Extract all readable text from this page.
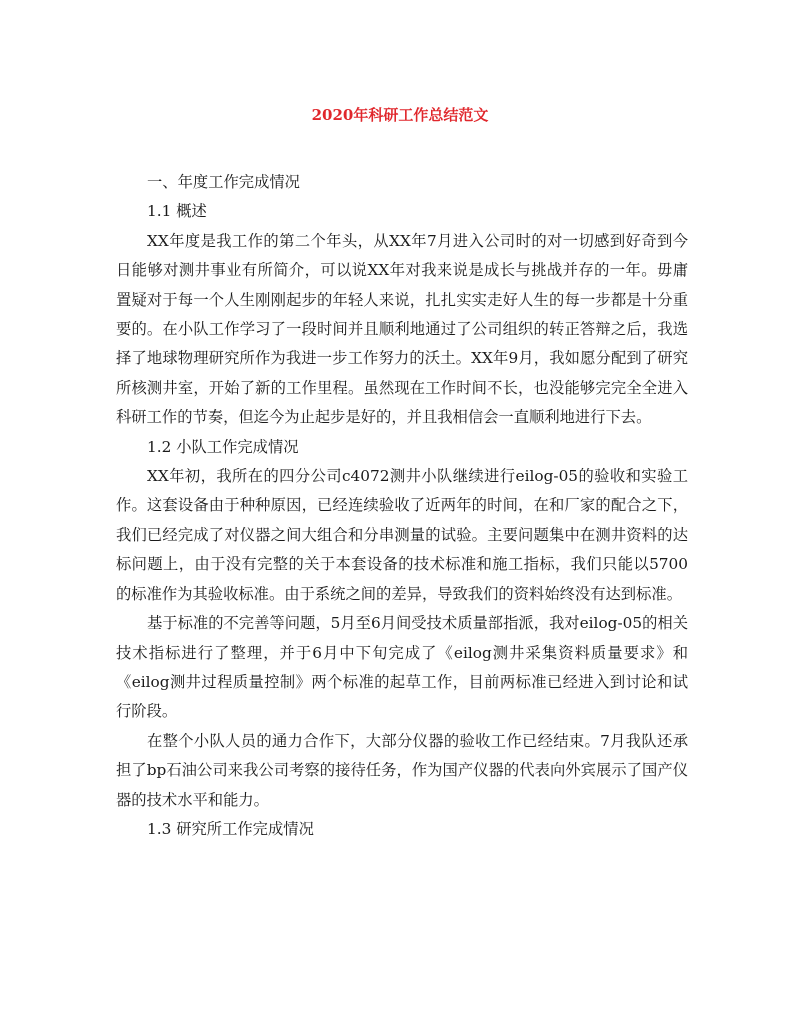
2020年科研工作总结范文

一、年度工作完成情况

1.1 概述

XX年度是我工作的第二个年头，从XX年7月进入公司时的对一切感到好奇到今日能够对测井事业有所简介，可以说XX年对我来说是成长与挑战并存的一年。毋庸置疑对于每一个人生刚刚起步的年轻人来说，扎扎实实走好人生的每一步都是十分重要的。在小队工作学习了一段时间并且顺利地通过了公司组织的转正答辩之后，我选择了地球物理研究所作为我进一步工作努力的沃土。XX年9月，我如愿分配到了研究所核测井室，开始了新的工作里程。虽然现在工作时间不长，也没能够完完全全进入科研工作的节奏，但迄今为止起步是好的，并且我相信会一直顺利地进行下去。

1.2 小队工作完成情况

XX年初，我所在的四分公司c4072测井小队继续进行eilog-05的验收和实验工作。这套设备由于种种原因，已经连续验收了近两年的时间，在和厂家的配合之下，我们已经完成了对仪器之间大组合和分串测量的试验。主要问题集中在测井资料的达标问题上，由于没有完整的关于本套设备的技术标准和施工指标，我们只能以5700的标准作为其验收标准。由于系统之间的差异，导致我们的资料始终没有达到标准。

基于标准的不完善等问题，5月至6月间受技术质量部指派，我对eilog-05的相关技术指标进行了整理，并于6月中下旬完成了《eilog测井采集资料质量要求》和《eilog测井过程质量控制》两个标准的起草工作，目前两标准已经进入到讨论和试行阶段。

在整个小队人员的通力合作下，大部分仪器的验收工作已经结束。7月我队还承担了bp石油公司来我公司考察的接待任务，作为国产仪器的代表向外宾展示了国产仪器的技术水平和能力。

1.3 研究所工作完成情况
